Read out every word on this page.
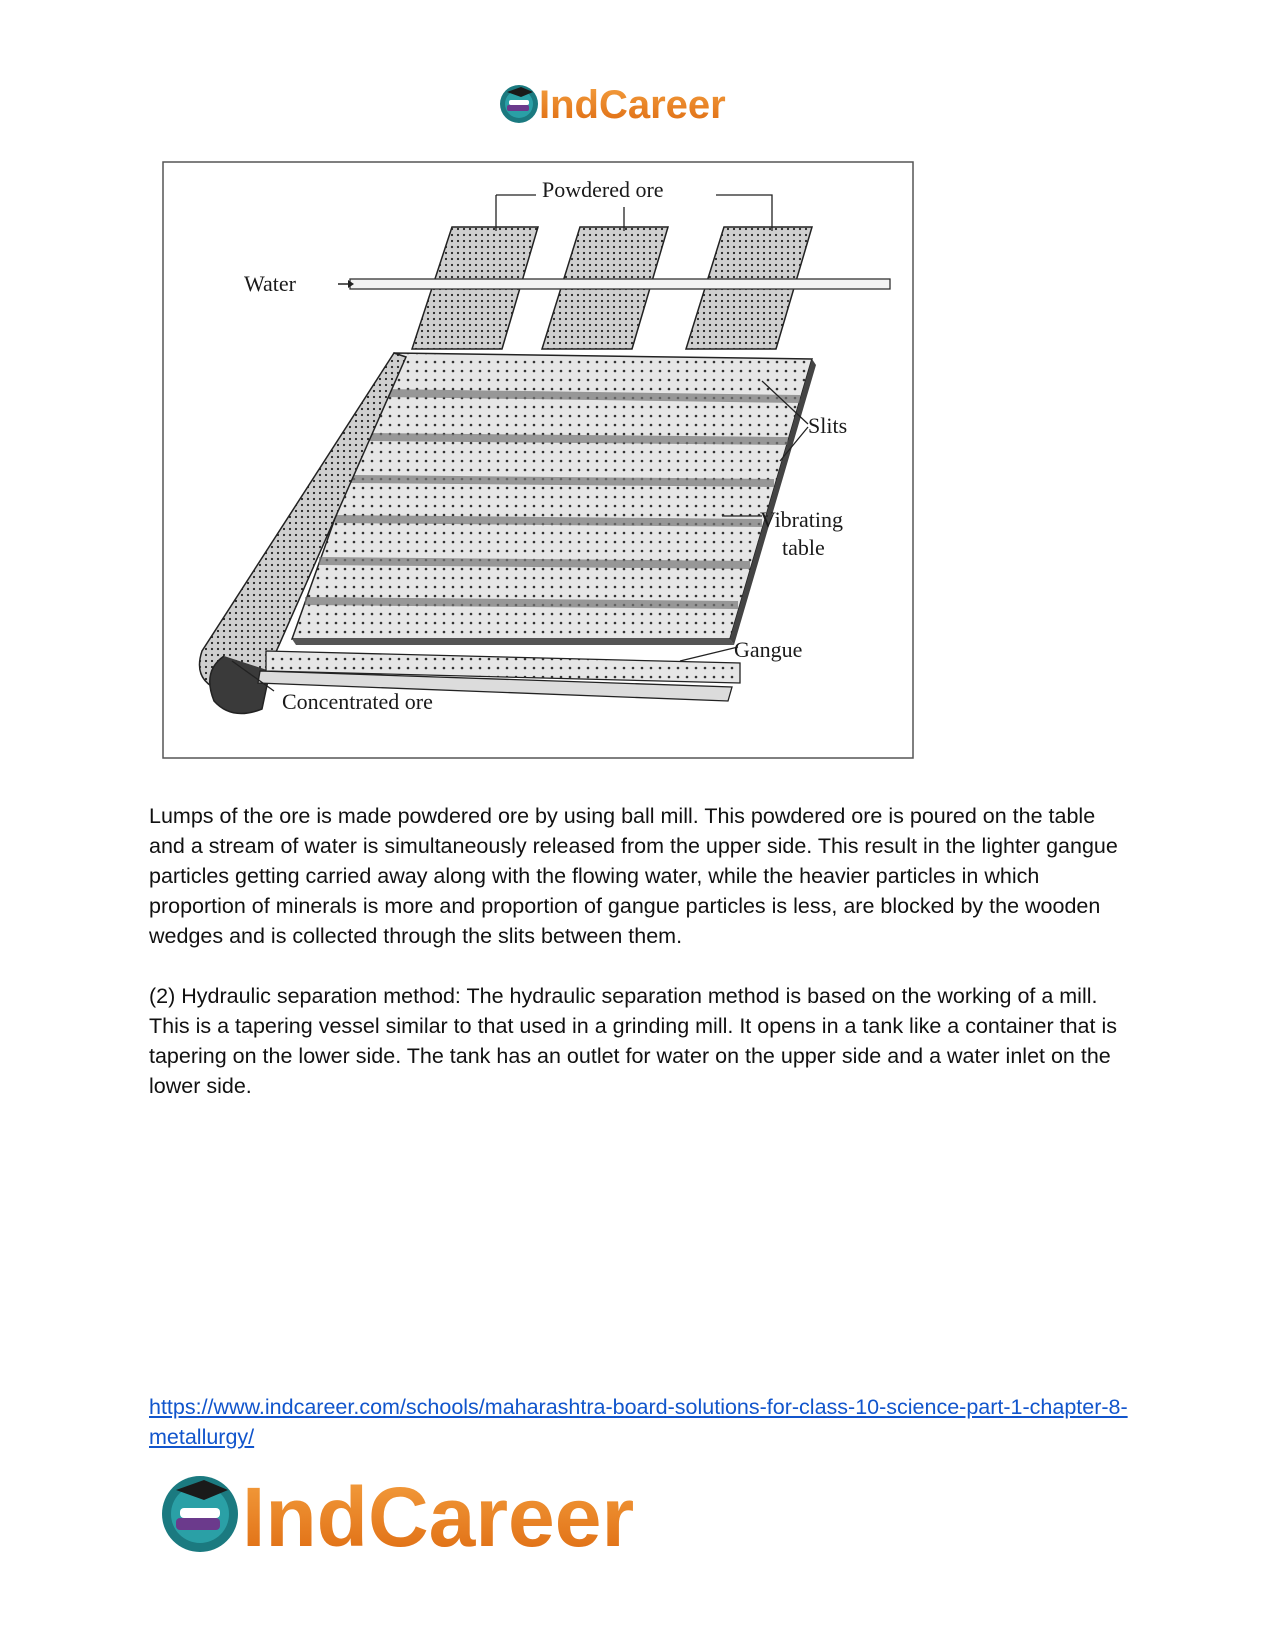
IndCareer
Powdered ore
Water
Slits
Vibrating
table
Gangue
Concentrated ore

Lumps of the ore is made powdered ore by using ball mill. This powdered ore is poured on the table and a stream of water is simultaneously released from the upper side. This result in the lighter gangue particles getting carried away along with the flowing water, while the heavier particles in which proportion of minerals is more and proportion of gangue particles is less, are blocked by the wooden wedges and is collected through the slits between them.

(2) Hydraulic separation method: The hydraulic separation method is based on the working of a mill. This is a tapering vessel similar to that used in a grinding mill. It opens in a tank like a container that is tapering on the lower side. The tank has an outlet for water on the upper side and a water inlet on the lower side.

https://www.indcareer.com/schools/maharashtra-board-solutions-for-class-10-science-part-1-chapter-8-metallurgy/
IndCareer
